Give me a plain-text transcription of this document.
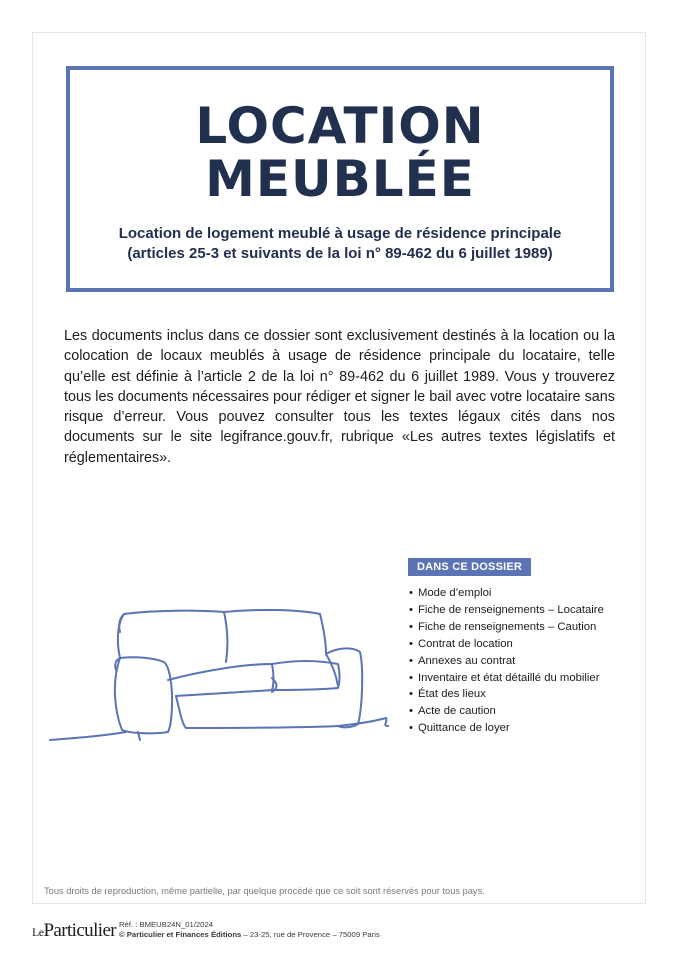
LOCATION
MEUBLÉE

Location de logement meublé à usage de résidence principale
(articles 25-3 et suivants de la loi n° 89-462 du 6 juillet 1989)

Les documents inclus dans ce dossier sont exclusivement destinés à la location ou la colocation de locaux meublés à usage de résidence principale du locataire, telle qu’elle est définie à l’article 2 de la loi n° 89-462 du 6 juillet 1989. Vous y trouverez tous les documents nécessaires pour rédiger et signer le bail avec votre locataire sans risque d’erreur. Vous pouvez consulter tous les textes légaux cités dans nos documents sur le site legifrance.gouv.fr, rubrique «Les autres textes législatifs et réglementaires».

DANS CE DOSSIER
• Mode d’emploi
• Fiche de renseignements – Locataire
• Fiche de renseignements – Caution
• Contrat de location
• Annexes au contrat
• Inventaire et état détaillé du mobilier
• État des lieux
• Acte de caution
• Quittance de loyer

Tous droits de reproduction, même partielle, par quelque procédé que ce soit sont réservés pour tous pays.

LeParticulier Réf. : BMEUB24N_01/2024
© Particulier et Finances Éditions – 23-25, rue de Provence – 75009 Paris
